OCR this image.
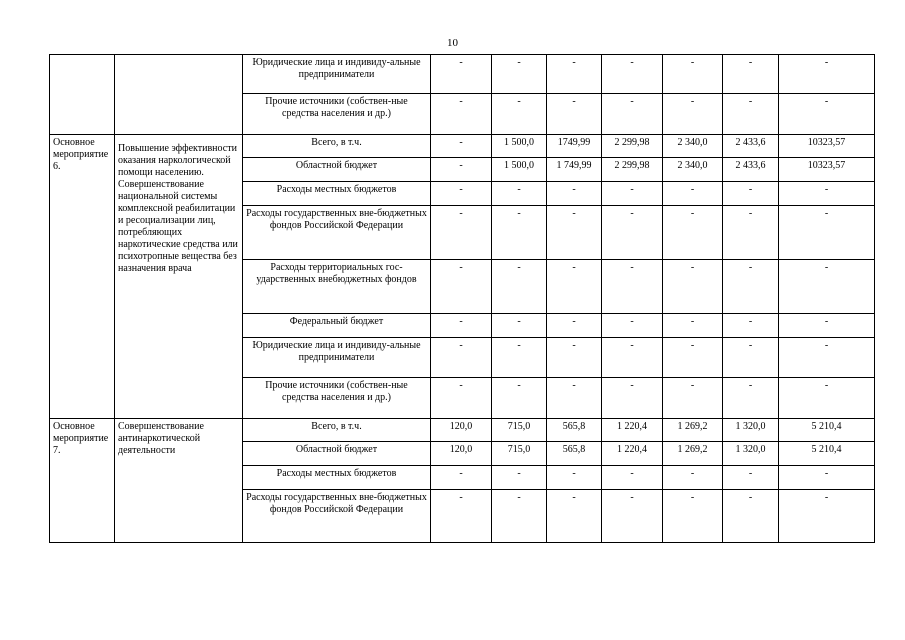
10
		Юридические лица и индивиду-альные предприниматели	-	-	-	-	-	-	-
		Прочие источники (собствен-ные средства населения и др.)	-	-	-	-	-	-	-
Основное мероприятие 6.	Повышение эффективности оказания наркологической помощи населению. Совершенствование национальной системы комплексной реабилитации и ресоциализации лиц, потребляющих наркотические средства или психотропные вещества без назначения врача	Всего, в т.ч.	-	1 500,0	1749,99	2 299,98	2 340,0	2 433,6	10323,57
		Областной бюджет	-	1 500,0	1 749,99	2 299,98	2 340,0	2 433,6	10323,57
		Расходы местных бюджетов	-	-	-	-	-	-	-
		Расходы государственных вне-бюджетных фондов Российской Федерации	-	-	-	-	-	-	-
		Расходы территориальных гос-ударственных внебюджетных фондов	-	-	-	-	-	-	-
		Федеральный бюджет	-	-	-	-	-	-	-
		Юридические лица и индивиду-альные предприниматели	-	-	-	-	-	-	-
		Прочие источники (собствен-ные средства населения и др.)	-	-	-	-	-	-	-
Основное мероприятие 7.	Совершенствование антинаркотической деятельности	Всего, в т.ч.	120,0	715,0	565,8	1 220,4	1 269,2	1 320,0	5 210,4
		Областной бюджет	120,0	715,0	565,8	1 220,4	1 269,2	1 320,0	5 210,4
		Расходы местных бюджетов	-	-	-	-	-	-	-
		Расходы государственных вне-бюджетных фондов Российской Федерации	-	-	-	-	-	-	-
